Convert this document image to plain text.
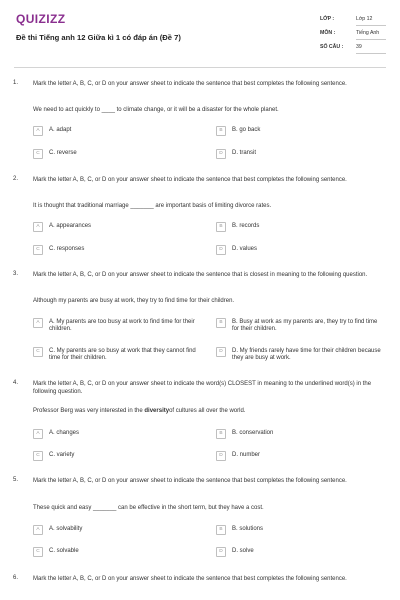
QUIZIZZ
Đề thi Tiếng anh 12 Giữa kì 1 có đáp án (Đề 7)
LỚP :	Lớp 12
MÔN :	Tiếng Anh
SỐ CÂU :	39
1. Mark the letter A, B, C, or D on your answer sheet to indicate the sentence that best completes the following sentence.
We need to act quickly to ____ to climate change, or it will be a disaster for the whole planet.
A	A. adapt	B	B. go back
C	C. reverse	D	D. transit
2. Mark the letter A, B, C, or D on your answer sheet to indicate the sentence that best completes the following sentence.
It is thought that traditional marriage _______ are important basis of limiting divorce rates.
A	A. appearances	B	B. records
C	C. responses	D	D. values
3. Mark the letter A, B, C, or D on your answer sheet to indicate the sentence that is closest in meaning to the following question.
Although my parents are busy at work, they try to find time for their children.
A	A. My parents are too busy at work to find time for their children.
B	B. Busy at work as my parents are, they try to find time for their children.
C	C. My parents are so busy at work that they cannot find time for their children.
D	D. My friends rarely have time for their children because they are busy at work.
4. Mark the letter A, B, C, or D on your answer sheet to indicate the word(s) CLOSEST in meaning to the underlined word(s) in the following question.
Professor Berg was very interested in the diversityof cultures all over the world.
A	A. changes	B	B. conservation
C	C. variety	D	D. number
5. Mark the letter A, B, C, or D on your answer sheet to indicate the sentence that best completes the following sentence.
These quick and easy _______ can be effective in the short term, but they have a cost.
A	A. solvability	B	B. solutions
C	C. solvable	D	D. solve
6. Mark the letter A, B, C, or D on your answer sheet to indicate the sentence that best completes the following sentence.
